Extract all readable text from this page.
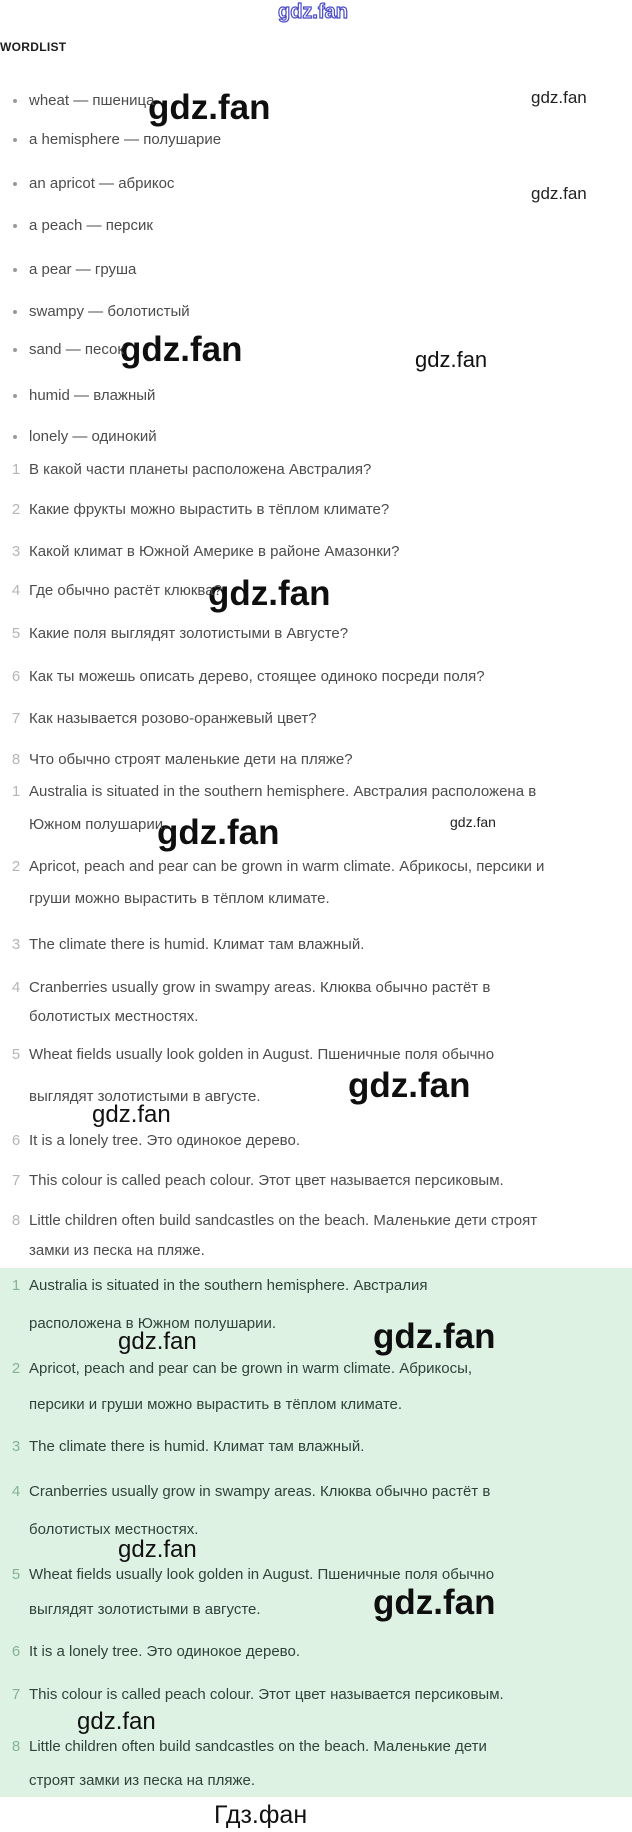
gdz.fan
gdz.fan	gdz.fan
gdz.fan
gdz.fan	gdz.fan
gdz.fan
gdz.fan	gdz.fan
gdz.fan
gdz.fan
gdz.fan	gdz.fan
gdz.fan
gdz.fan
gdz.fan
WORDLIST
wheat — пшеница
a hemisphere — полушарие
an apricot — абрикос
a peach — персик
a pear — груша
swampy — болотистый
sand — песок
humid — влажный
lonely — одинокий
1 В какой части планеты расположена Австралия?
2 Какие фрукты можно вырастить в тёплом климате?
3 Какой климат в Южной Америке в районе Амазонки?
4 Где обычно растёт клюква?
5 Какие поля выглядят золотистыми в Августе?
6 Как ты можешь описать дерево, стоящее одиноко посреди поля?
7 Как называется розово-оранжевый цвет?
8 Что обычно строят маленькие дети на пляже?
1 Australia is situated in the southern hemisphere. Австралия расположена в
Южном полушарии.
2 Apricot, peach and pear can be grown in warm climate. Абрикосы, персики и
груши можно вырастить в тёплом климате.
3 The climate there is humid. Климат там влажный.
4 Cranberries usually grow in swampy areas. Клюква обычно растёт в
болотистых местностях.
5 Wheat fields usually look golden in August. Пшеничные поля обычно
выглядят золотистыми в августе.
6 It is a lonely tree. Это одинокое дерево.
7 This colour is called peach colour. Этот цвет называется персиковым.
8 Little children often build sandcastles on the beach. Маленькие дети строят
замки из песка на пляже.
1 Australia is situated in the southern hemisphere. Австралия
расположена в Южном полушарии.
2 Apricot, peach and pear can be grown in warm climate. Абрикосы,
персики и груши можно вырастить в тёплом климате.
3 The climate there is humid. Климат там влажный.
4 Cranberries usually grow in swampy areas. Клюква обычно растёт в
болотистых местностях.
5 Wheat fields usually look golden in August. Пшеничные поля обычно
выглядят золотистыми в августе.
6 It is a lonely tree. Это одинокое дерево.
7 This colour is called peach colour. Этот цвет называется персиковым.
8 Little children often build sandcastles on the beach. Маленькие дети
строят замки из песка на пляже.
Гдз.фан
